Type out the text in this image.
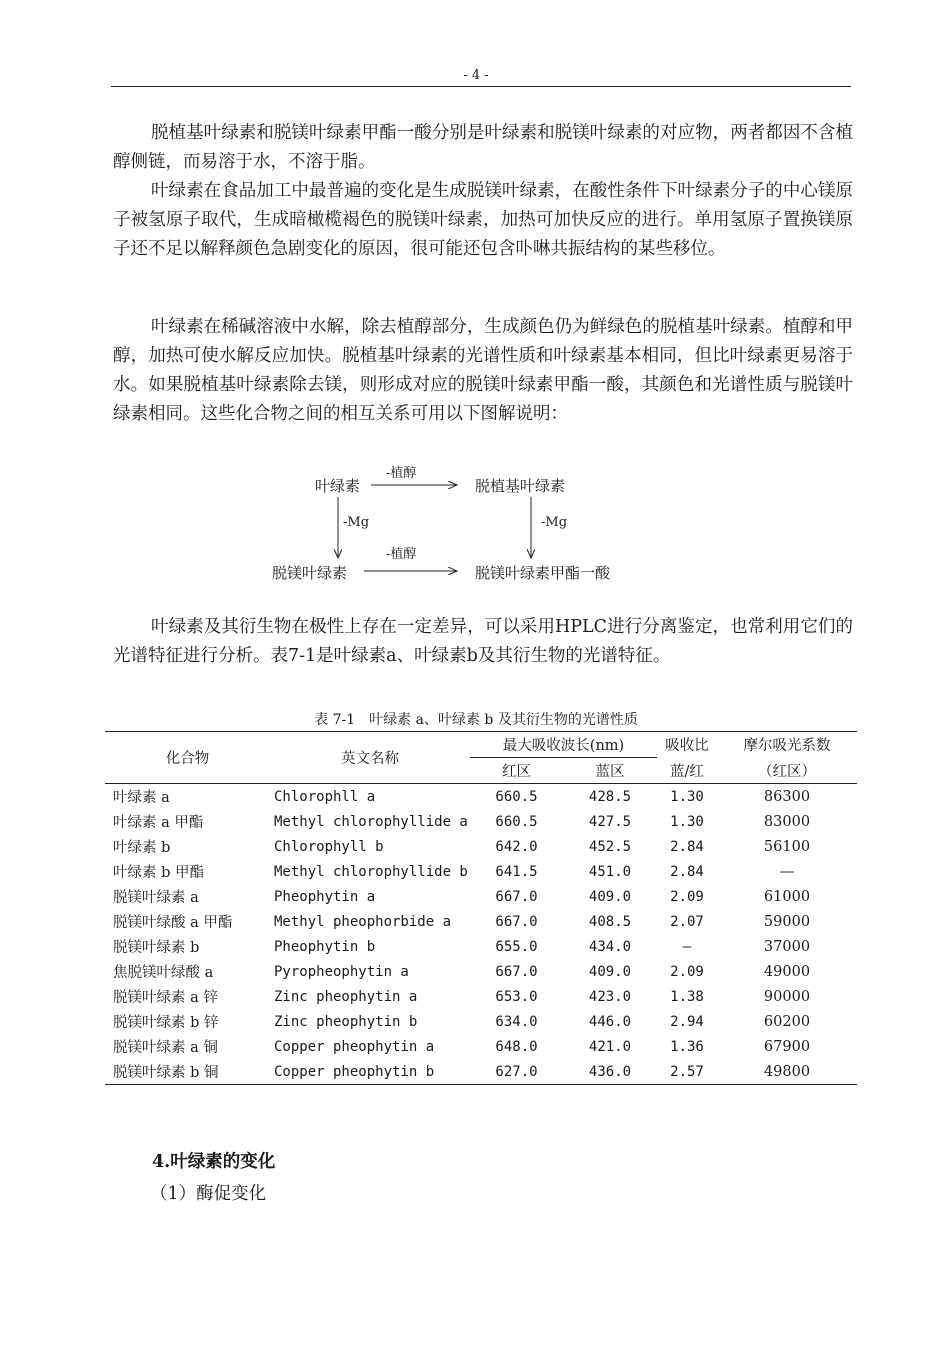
- 4 -

脱植基叶绿素和脱镁叶绿素甲酯一酸分别是叶绿素和脱镁叶绿素的对应物，两者都因不含植醇侧链，而易溶于水，不溶于脂。

叶绿素在食品加工中最普遍的变化是生成脱镁叶绿素，在酸性条件下叶绿素分子的中心镁原子被氢原子取代，生成暗橄榄褐色的脱镁叶绿素，加热可加快反应的进行。单用氢原子置换镁原子还不足以解释颜色急剧变化的原因，很可能还包含卟啉共振结构的某些移位。

叶绿素在稀碱溶液中水解，除去植醇部分，生成颜色仍为鲜绿色的脱植基叶绿素。植醇和甲醇，加热可使水解反应加快。脱植基叶绿素的光谱性质和叶绿素基本相同，但比叶绿素更易溶于水。如果脱植基叶绿素除去镁，则形成对应的脱镁叶绿素甲酯一酸，其颜色和光谱性质与脱镁叶绿素相同。这些化合物之间的相互关系可用以下图解说明：

叶绿素	脱植基叶绿素
脱镁叶绿素	脱镁叶绿素甲酯一酸
-植醇
-植醇
-Mg	-Mg

叶绿素及其衍生物在极性上存在一定差异，可以采用HPLC进行分离鉴定，也常利用它们的光谱特征进行分析。表7-1是叶绿素a、叶绿素b及其衍生物的光谱特征。

表 7-1　叶绿素 a、叶绿素 b 及其衍生物的光谱性质
化合物	英文名称	最大吸收波长(nm)		吸收比	摩尔吸光系数
		红区	蓝区	蓝/红	（红区）
叶绿素 a	Chlorophll a	660.5	428.5	1.30	86300
叶绿素 a 甲酯	Methyl chlorophyllide a	660.5	427.5	1.30	83000
叶绿素 b	Chlorophyll b	642.0	452.5	2.84	56100
叶绿素 b 甲酯	Methyl chlorophyllide b	641.5	451.0	2.84	—
脱镁叶绿素 a	Pheophytin a	667.0	409.0	2.09	61000
脱镁叶绿酸 a 甲酯	Methyl pheophorbide a	667.0	408.5	2.07	59000
脱镁叶绿素 b	Pheophytin b	655.0	434.0	—	37000
焦脱镁叶绿酸 a	Pyropheophytin a	667.0	409.0	2.09	49000
脱镁叶绿素 a 锌	Zinc pheophytin a	653.0	423.0	1.38	90000
脱镁叶绿素 b 锌	Zinc pheophytin b	634.0	446.0	2.94	60200
脱镁叶绿素 a 铜	Copper pheophytin a	648.0	421.0	1.36	67900
脱镁叶绿素 b 铜	Copper pheophytin b	627.0	436.0	2.57	49800
4.叶绿素的变化
（1）酶促变化
